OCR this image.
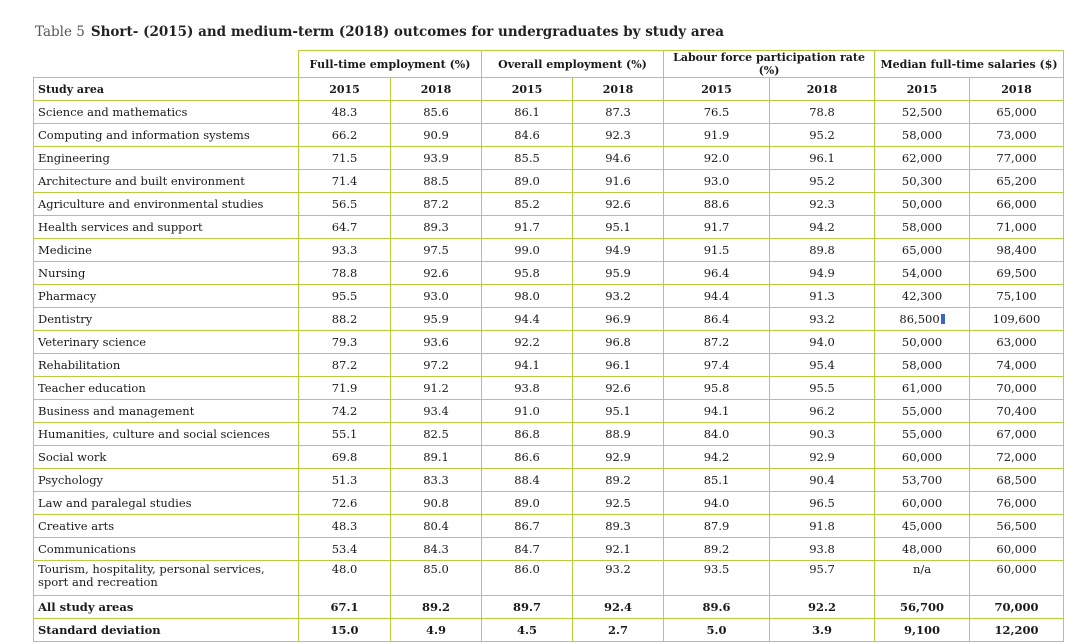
Table 5 Short- (2015) and medium-term (2018) outcomes for undergraduates by study area
	Full-time employment (%)		Overall employment (%)		Labour force participation rate (%)		Median full-time salaries ($)	
Study area	2015	2018	2015	2018	2015	2018	2015	2018
Science and mathematics	48.3	85.6	86.1	87.3	76.5	78.8	52,500	65,000
Computing and information systems	66.2	90.9	84.6	92.3	91.9	95.2	58,000	73,000
Engineering	71.5	93.9	85.5	94.6	92.0	96.1	62,000	77,000
Architecture and built environment	71.4	88.5	89.0	91.6	93.0	95.2	50,300	65,200
Agriculture and environmental studies	56.5	87.2	85.2	92.6	88.6	92.3	50,000	66,000
Health services and support	64.7	89.3	91.7	95.1	91.7	94.2	58,000	71,000
Medicine	93.3	97.5	99.0	94.9	91.5	89.8	65,000	98,400
Nursing	78.8	92.6	95.8	95.9	96.4	94.9	54,000	69,500
Pharmacy	95.5	93.0	98.0	93.2	94.4	91.3	42,300	75,100
Dentistry	88.2	95.9	94.4	96.9	86.4	93.2	86,500	109,600
Veterinary science	79.3	93.6	92.2	96.8	87.2	94.0	50,000	63,000
Rehabilitation	87.2	97.2	94.1	96.1	97.4	95.4	58,000	74,000
Teacher education	71.9	91.2	93.8	92.6	95.8	95.5	61,000	70,000
Business and management	74.2	93.4	91.0	95.1	94.1	96.2	55,000	70,400
Humanities, culture and social sciences	55.1	82.5	86.8	88.9	84.0	90.3	55,000	67,000
Social work	69.8	89.1	86.6	92.9	94.2	92.9	60,000	72,000
Psychology	51.3	83.3	88.4	89.2	85.1	90.4	53,700	68,500
Law and paralegal studies	72.6	90.8	89.0	92.5	94.0	96.5	60,000	76,000
Creative arts	48.3	80.4	86.7	89.3	87.9	91.8	45,000	56,500
Communications	53.4	84.3	84.7	92.1	89.2	93.8	48,000	60,000
Tourism, hospitality, personal services, sport and recreation	48.0	85.0	86.0	93.2	93.5	95.7	n/a	60,000
All study areas	67.1	89.2	89.7	92.4	89.6	92.2	56,700	70,000
Standard deviation	15.0	4.9	4.5	2.7	5.0	3.9	9,100	12,200
